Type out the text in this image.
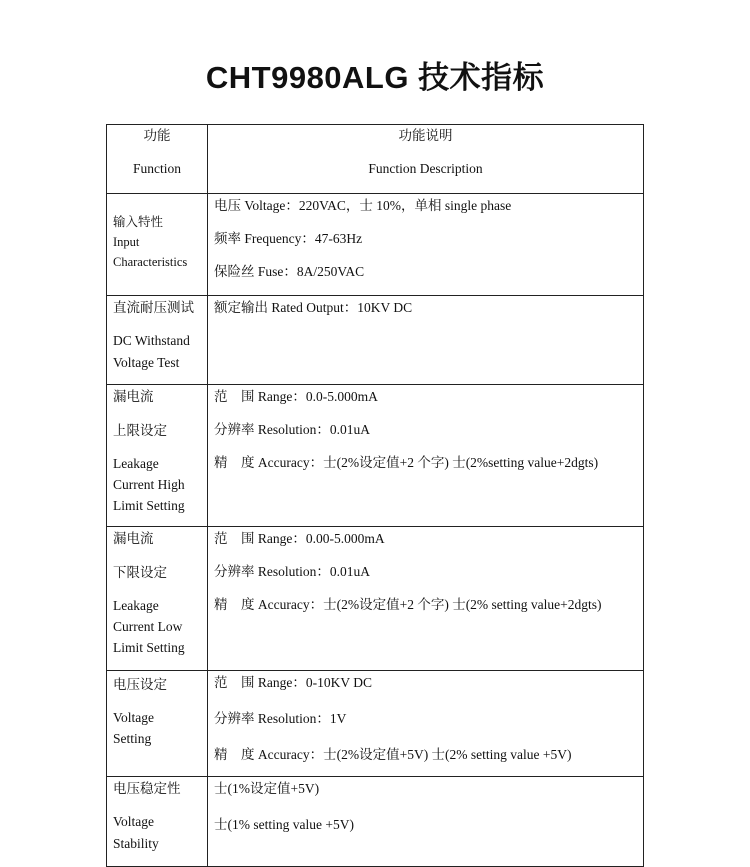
CHT9980ALG 技术指标
功能
Function	功能说明
Function Description

输入特性
Input
Characteristics	电压 Voltage：220VAC，士 10%，单相 single phase
频率 Frequency：47-63Hz
保险丝 Fuse：8A/250VAC

直流耐压测试
DC Withstand
Voltage Test	额定输出 Rated Output：10KV DC

漏电流
上限设定
Leakage
Current High
Limit Setting	范　围 Range：0.0-5.000mA
分辨率 Resolution：0.01uA
精　度 Accuracy：士(2%设定值+2 个字) 士(2%setting value+2dgts)

漏电流
下限设定
Leakage
Current Low
Limit Setting	范　围 Range：0.00-5.000mA
分辨率 Resolution：0.01uA
精　度 Accuracy：士(2%设定值+2 个字) 士(2% setting value+2dgts)

电压设定
Voltage
Setting	范　围 Range：0-10KV DC
分辨率 Resolution：1V
精　度 Accuracy：士(2%设定值+5V) 士(2% setting value +5V)

电压稳定性
Voltage
Stability	士(1%设定值+5V)
士(1% setting value +5V)
